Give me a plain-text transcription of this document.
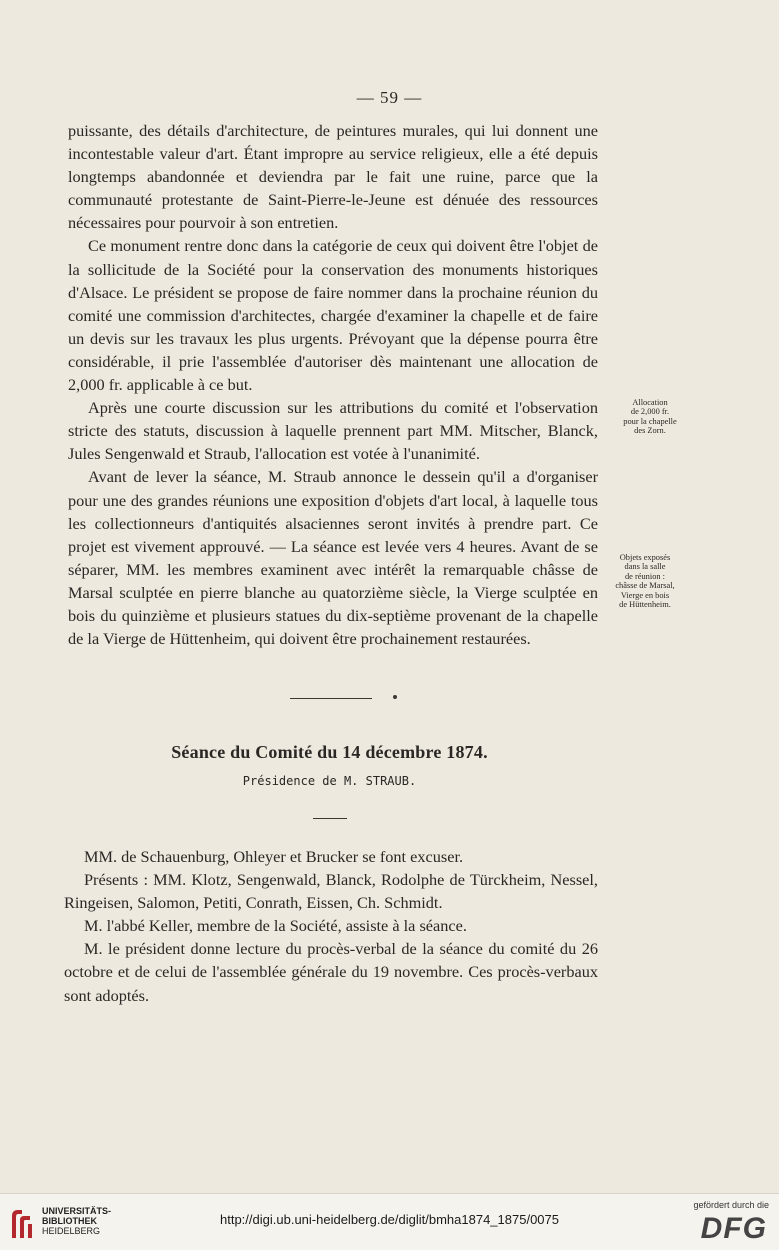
— 59 —

puissante, des détails d'architecture, de peintures murales, qui lui donnent une incontestable valeur d'art. Étant impropre au service religieux, elle a été depuis longtemps abandonnée et deviendra par le fait une ruine, parce que la communauté protestante de Saint-Pierre-le-Jeune est dénuée des ressources nécessaires pour pourvoir à son entretien.

Ce monument rentre donc dans la catégorie de ceux qui doivent être l'objet de la sollicitude de la Société pour la conservation des monuments historiques d'Alsace. Le président se propose de faire nommer dans la prochaine réunion du comité une commission d'architectes, chargée d'examiner la chapelle et de faire un devis sur les travaux les plus urgents. Prévoyant que la dépense pourra être considérable, il prie l'assemblée d'autoriser dès maintenant une allocation de 2,000 fr. applicable à ce but.

Après une courte discussion sur les attributions du comité et l'observation stricte des statuts, discussion à laquelle prennent part MM. Mitscher, Blanck, Jules Sengenwald et Straub, l'allocation est votée à l'unanimité.

Avant de lever la séance, M. Straub annonce le dessein qu'il a d'organiser pour une des grandes réunions une exposition d'objets d'art local, à laquelle tous les collectionneurs d'antiquités alsaciennes seront invités à prendre part. Ce projet est vivement approuvé. — La séance est levée vers 4 heures. Avant de se séparer, MM. les membres examinent avec intérêt la remarquable châsse de Marsal sculptée en pierre blanche au quatorzième siècle, la Vierge sculptée en bois du quinzième et plusieurs statues du dix-septième provenant de la chapelle de la Vierge de Hüttenheim, qui doivent être prochainement restaurées.

Allocation
de 2,000 fr.
pour la chapelle
des Zorn.
Objets exposés
dans la salle
de réunion :
châsse de Marsal,
Vierge en bois
de Hüttenheim.
Séance du Comité du 14 décembre 1874.
Présidence de M. STRAUB.

MM. de Schauenburg, Ohleyer et Brucker se font excuser.

Présents : MM. Klotz, Sengenwald, Blanck, Rodolphe de Türckheim, Nessel, Ringeisen, Salomon, Petiti, Conrath, Eissen, Ch. Schmidt.

M. l'abbé Keller, membre de la Société, assiste à la séance.

M. le président donne lecture du procès-verbal de la séance du comité du 26 octobre et de celui de l'assemblée générale du 19 novembre. Ces procès-verbaux sont adoptés.

UNIVERSITÄTS-
BIBLIOTHEK
HEIDELBERG
http://digi.ub.uni-heidelberg.de/diglit/bmha1874_1875/0075
gefördert durch die
DFG
